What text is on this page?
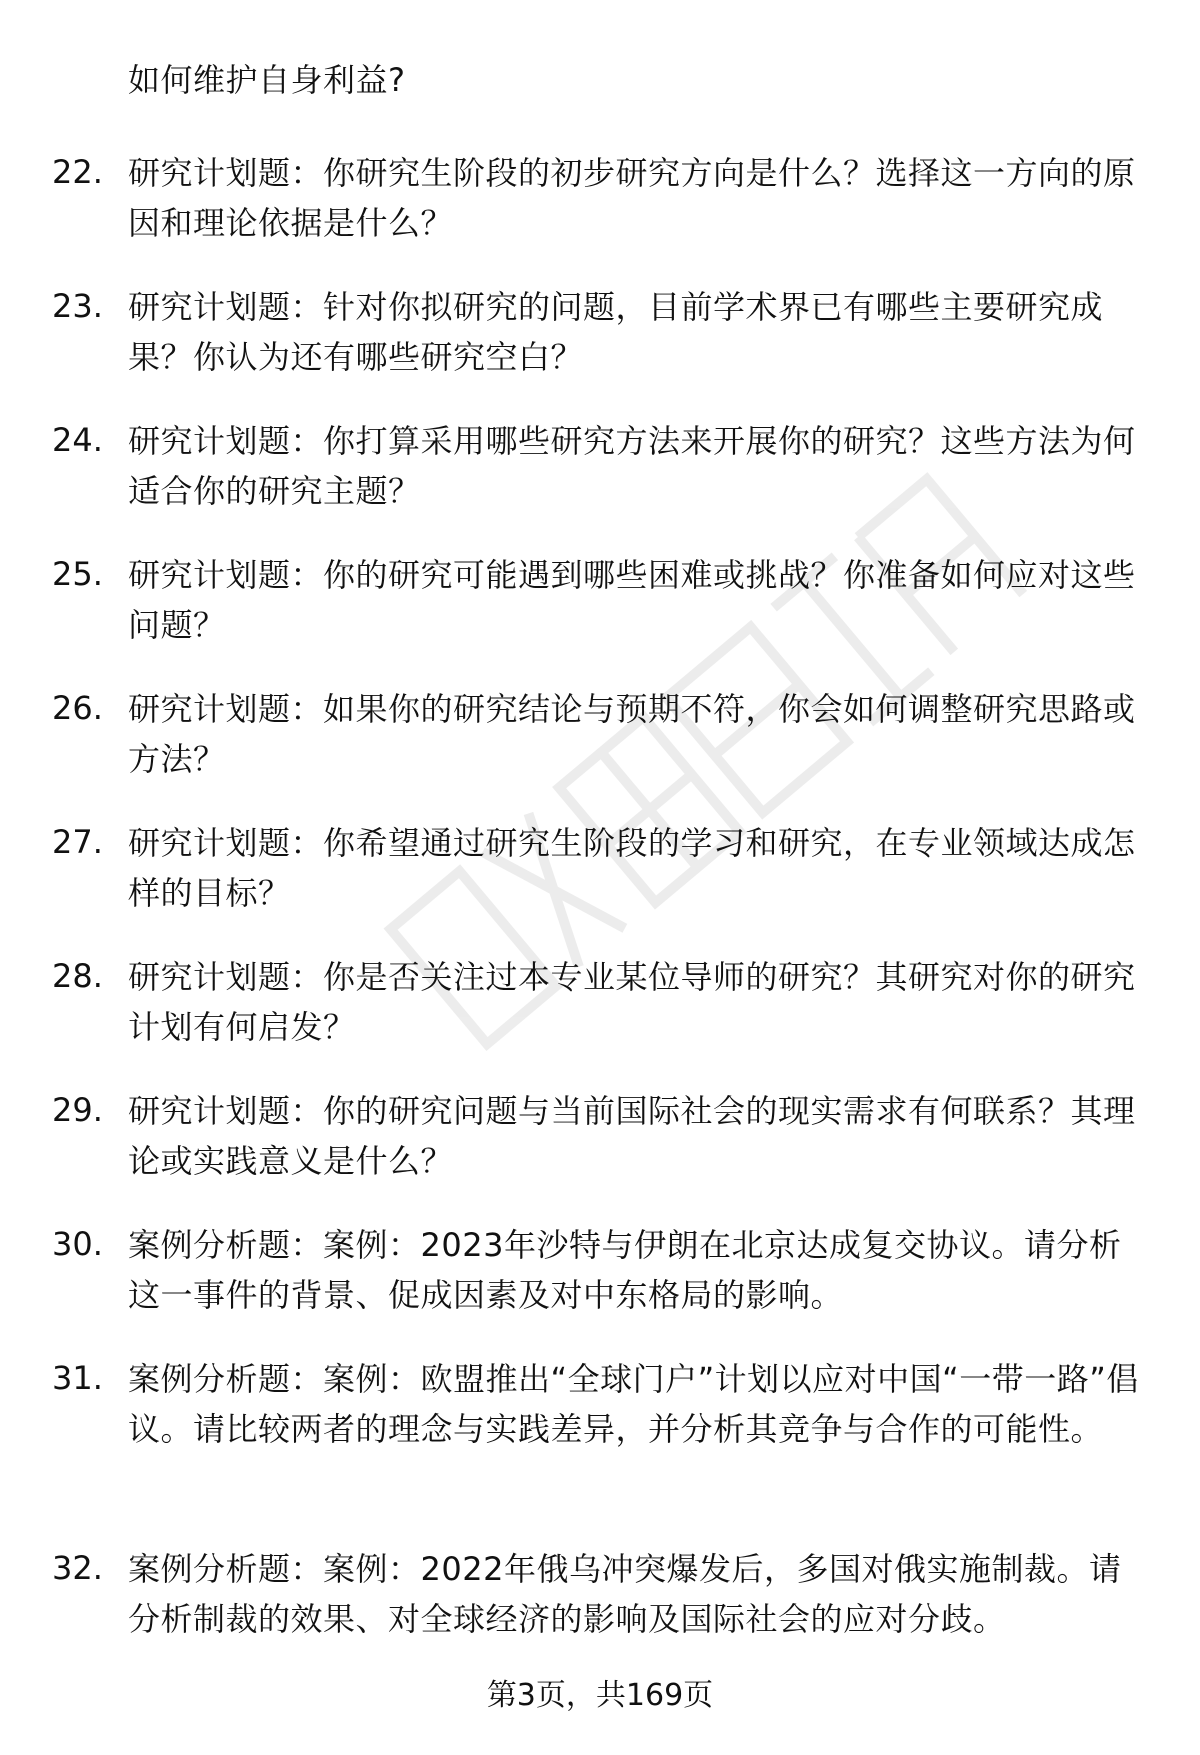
如何维护自身利益?
22. 研究计划题：你研究生阶段的初步研究方向是什么？选择这一方向的原因和理论依据是什么？
23. 研究计划题：针对你拟研究的问题，目前学术界已有哪些主要研究成果？你认为还有哪些研究空白？
24. 研究计划题：你打算采用哪些研究方法来开展你的研究？这些方法为何适合你的研究主题？
25. 研究计划题：你的研究可能遇到哪些困难或挑战？你准备如何应对这些问题？
26. 研究计划题：如果你的研究结论与预期不符，你会如何调整研究思路或方法？
27. 研究计划题：你希望通过研究生阶段的学习和研究，在专业领域达成怎样的目标？
28. 研究计划题：你是否关注过本专业某位导师的研究？其研究对你的研究计划有何启发？
29. 研究计划题：你的研究问题与当前国际社会的现实需求有何联系？其理论或实践意义是什么？
30. 案例分析题：案例：2023年沙特与伊朗在北京达成复交协议。请分析这一事件的背景、促成因素及对中东格局的影响。
31. 案例分析题：案例：欧盟推出“全球门户”计划以应对中国“一带一路”倡议。请比较两者的理念与实践差异，并分析其竞争与合作的可能性。
32. 案例分析题：案例：2022年俄乌冲突爆发后，多国对俄实施制裁。请分析制裁的效果、对全球经济的影响及国际社会的应对分歧。
第3页，共169页
